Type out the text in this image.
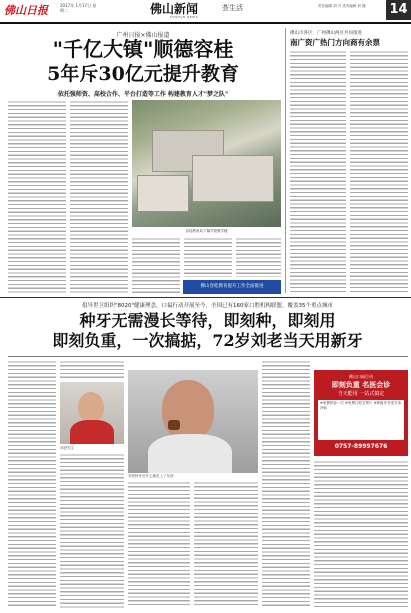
佛山日报	2017年 1月17日 星期二	佛山新闻	荟生活
FOSHAN NEWS
责任编辑 刘 兴 美术编辑 何 媛	14
广州日报×佛山报道
"千亿大镇"顺德容桂
5年斥30亿元提升教育
依托强师资、高校合作、平台打造等工作 构建教育人才"梦之队"
容桂教育局下属学校教学楼
佛山容桂教育提升工作全面推进
佛山市各区：广州佛山两区共同推进
南广资广热门方向商有余票
倡导世卫组织"8020"健康理念，口福行动开展至今，全国已有160家口腔机构联盟，覆盖35个重点城市
种牙无需漫长等待，即刻种，即刻用
即刻负重，一次搞掂，72岁刘老当天用新牙
刘老先生
刘老种牙后开心地吃上了东西
佛山口福行动
即刻负重 名医会诊
当天能用 一站式搞定
※免费体检一次 ※免费口腔全景片 ※种植牙享受专项补贴
0757-89997676
